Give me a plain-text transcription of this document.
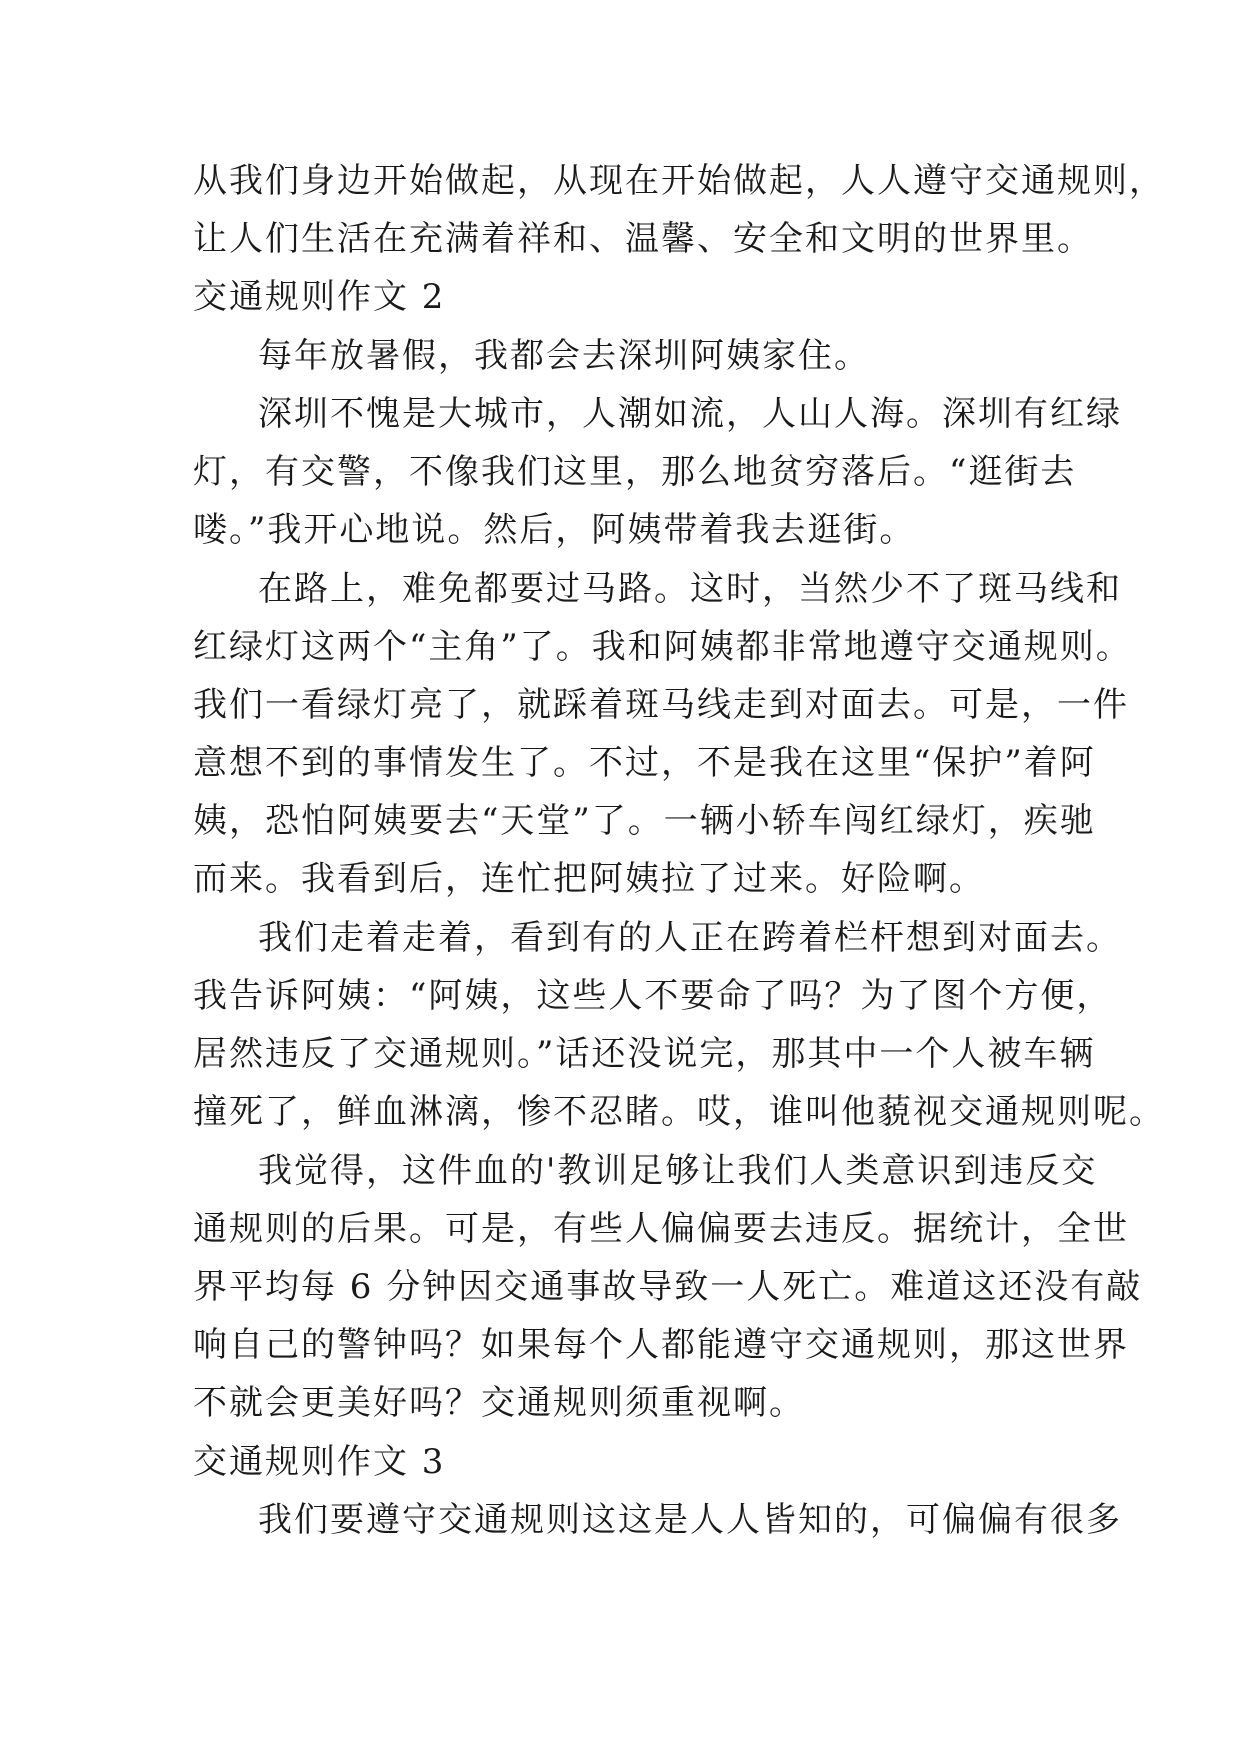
从我们身边开始做起，从现在开始做起，人人遵守交通规则，
让人们生活在充满着祥和、温馨、安全和文明的世界里。
交通规则作文 2
每年放暑假，我都会去深圳阿姨家住。
深圳不愧是大城市，人潮如流，人山人海。深圳有红绿
灯，有交警，不像我们这里，那么地贫穷落后。“逛街去
喽。”我开心地说。然后，阿姨带着我去逛街。
在路上，难免都要过马路。这时，当然少不了斑马线和
红绿灯这两个“主角”了。我和阿姨都非常地遵守交通规则。
我们一看绿灯亮了，就踩着斑马线走到对面去。可是，一件
意想不到的事情发生了。不过，不是我在这里“保护”着阿
姨，恐怕阿姨要去“天堂”了。一辆小轿车闯红绿灯，疾驰
而来。我看到后，连忙把阿姨拉了过来。好险啊。
我们走着走着，看到有的人正在跨着栏杆想到对面去。
我告诉阿姨：“阿姨，这些人不要命了吗？为了图个方便，
居然违反了交通规则。”话还没说完，那其中一个人被车辆
撞死了，鲜血淋漓，惨不忍睹。哎，谁叫他藐视交通规则呢。
我觉得，这件血的'教训足够让我们人类意识到违反交
通规则的后果。可是，有些人偏偏要去违反。据统计，全世
界平均每 6 分钟因交通事故导致一人死亡。难道这还没有敲
响自己的警钟吗？如果每个人都能遵守交通规则，那这世界
不就会更美好吗？交通规则须重视啊。
交通规则作文 3
我们要遵守交通规则这这是人人皆知的，可偏偏有很多
